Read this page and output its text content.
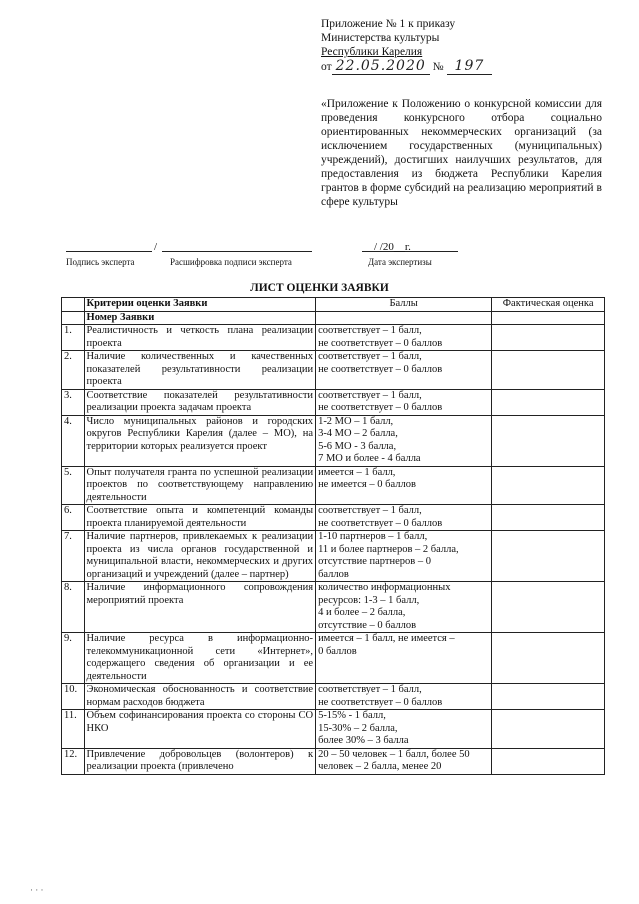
Приложение № 1 к приказу
Министерства культуры
Республики Карелия
от 22.05.2020 № 197
«Приложение к Положению о конкурсной комиссии для проведения конкурсного отбора социально ориентированных некоммерческих организаций (за исключением государственных (муниципальных) учреждений), достигших наилучших результатов, для предоставления из бюджета Республики Карелия грантов в форме субсидий на реализацию мероприятий в сфере культуры
/	/ /20__г.
Подпись эксперта	Расшифровка подписи эксперта	Дата экспертизы
ЛИСТ ОЦЕНКИ ЗАЯВКИ
	Критерии оценки Заявки	Баллы	Фактическая оценка
	Номер Заявки		
1.	Реалистичность и четкость плана реализации проекта	соответствует – 1 балл,
не соответствует – 0 баллов	

2.	Наличие количественных и качественных показателей результативности реализации проекта	соответствует – 1 балл,
не соответствует – 0 баллов	

3.	Соответствие показателей результативности реализации проекта задачам проекта	соответствует – 1 балл,
не соответствует – 0 баллов	

4.	Число муниципальных районов и городских округов Республики Карелия (далее – МО), на территории которых реализуется проект	1-2 МО – 1 балл,
3-4 МО – 2 балла,
5-6 МО - 3 балла,
7 МО и более - 4 балла	

5.	Опыт получателя гранта по успешной реализации проектов по соответствующему направлению деятельности	имеется – 1 балл,
не имеется – 0 баллов	

6.	Соответствие опыта и компетенций команды проекта планируемой деятельности	соответствует – 1 балл,
не соответствует – 0 баллов	

7.	Наличие партнеров, привлекаемых к реализации проекта из числа органов государственной и муниципальной власти, некоммерческих и других организаций и учреждений (далее – партнер)	1-10 партнеров – 1 балл,
11 и более партнеров – 2 балла,
отсутствие партнеров – 0
баллов	

8.	Наличие информационного сопровождения мероприятий проекта	количество информационных
ресурсов: 1-3 – 1 балл,
4 и более – 2 балла,
отсутствие – 0 баллов	

9.	Наличие ресурса в информационно-телекоммуникационной сети «Интернет», содержащего сведения об организации и ее деятельности	имеется – 1 балл, не имеется –
0 баллов	

10.	Экономическая обоснованность и соответствие нормам расходов бюджета	соответствует – 1 балл,
не соответствует – 0 баллов	

11.	Объем софинансирования проекта со стороны СО НКО	5-15% - 1 балл,
15-30% – 2 балла,
более 30% – 3 балла	

12.	Привлечение добровольцев (волонтеров) к реализации проекта (привлечено	20 – 50 человек – 1 балл, более 50
человек – 2 балла, менее 20	

· · ·
